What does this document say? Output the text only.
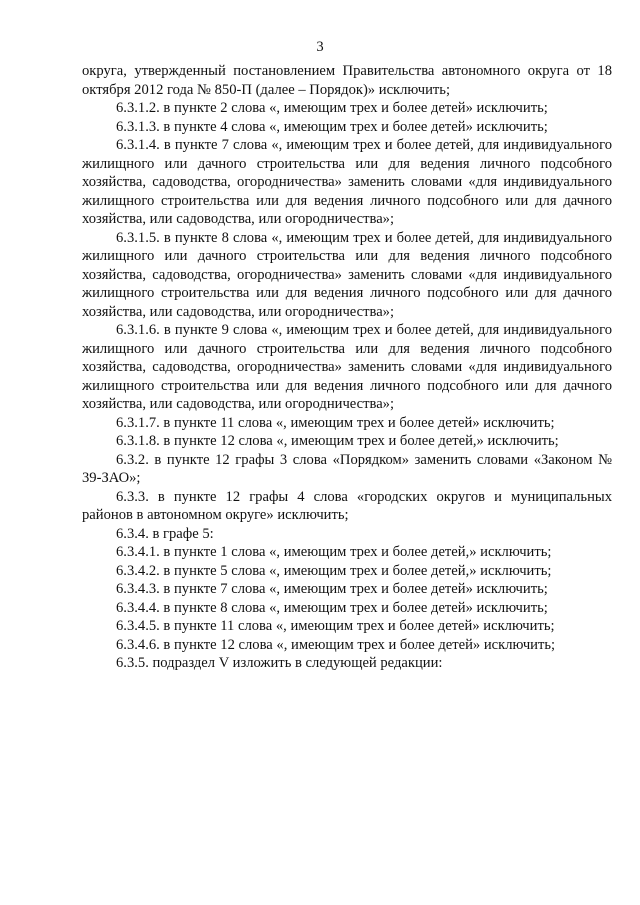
3

округа, утвержденный постановлением Правительства автономного округа от 18 октября 2012 года № 850-П (далее – Порядок)» исключить;

6.3.1.2. в пункте 2 слова «, имеющим трех и более детей» исключить;

6.3.1.3. в пункте 4 слова «, имеющим трех и более детей» исключить;

6.3.1.4. в пункте 7 слова «, имеющим трех и более детей, для индивидуального жилищного или дачного строительства или для ведения личного подсобного хозяйства, садоводства, огородничества» заменить словами «для индивидуального жилищного строительства или для ведения личного подсобного или для дачного хозяйства, или садоводства, или огородничества»;

6.3.1.5. в пункте 8 слова «, имеющим трех и более детей, для индивидуального жилищного или дачного строительства или для ведения личного подсобного хозяйства, садоводства, огородничества» заменить словами «для индивидуального жилищного строительства или для ведения личного подсобного или для дачного хозяйства, или садоводства, или огородничества»;

6.3.1.6. в пункте 9 слова «, имеющим трех и более детей, для индивидуального жилищного или дачного строительства или для ведения личного подсобного хозяйства, садоводства, огородничества» заменить словами «для индивидуального жилищного строительства или для ведения личного подсобного или для дачного хозяйства, или садоводства, или огородничества»;

6.3.1.7. в пункте 11 слова «, имеющим трех и более детей» исключить;

6.3.1.8. в пункте 12 слова «, имеющим трех и более детей,» исключить;

6.3.2. в пункте 12 графы 3 слова «Порядком» заменить словами «Законом № 39-ЗАО»;

6.3.3. в пункте 12 графы 4 слова «городских округов и муниципальных районов в автономном округе» исключить;

6.3.4. в графе 5:

6.3.4.1. в пункте 1 слова «, имеющим трех и более детей,» исключить;

6.3.4.2. в пункте 5 слова «, имеющим трех и более детей,» исключить;

6.3.4.3. в пункте 7 слова «, имеющим трех и более детей» исключить;

6.3.4.4. в пункте 8 слова «, имеющим трех и более детей» исключить;

6.3.4.5. в пункте 11 слова «, имеющим трех и более детей» исключить;

6.3.4.6. в пункте 12 слова «, имеющим трех и более детей» исключить;

6.3.5. подраздел V изложить в следующей редакции:
